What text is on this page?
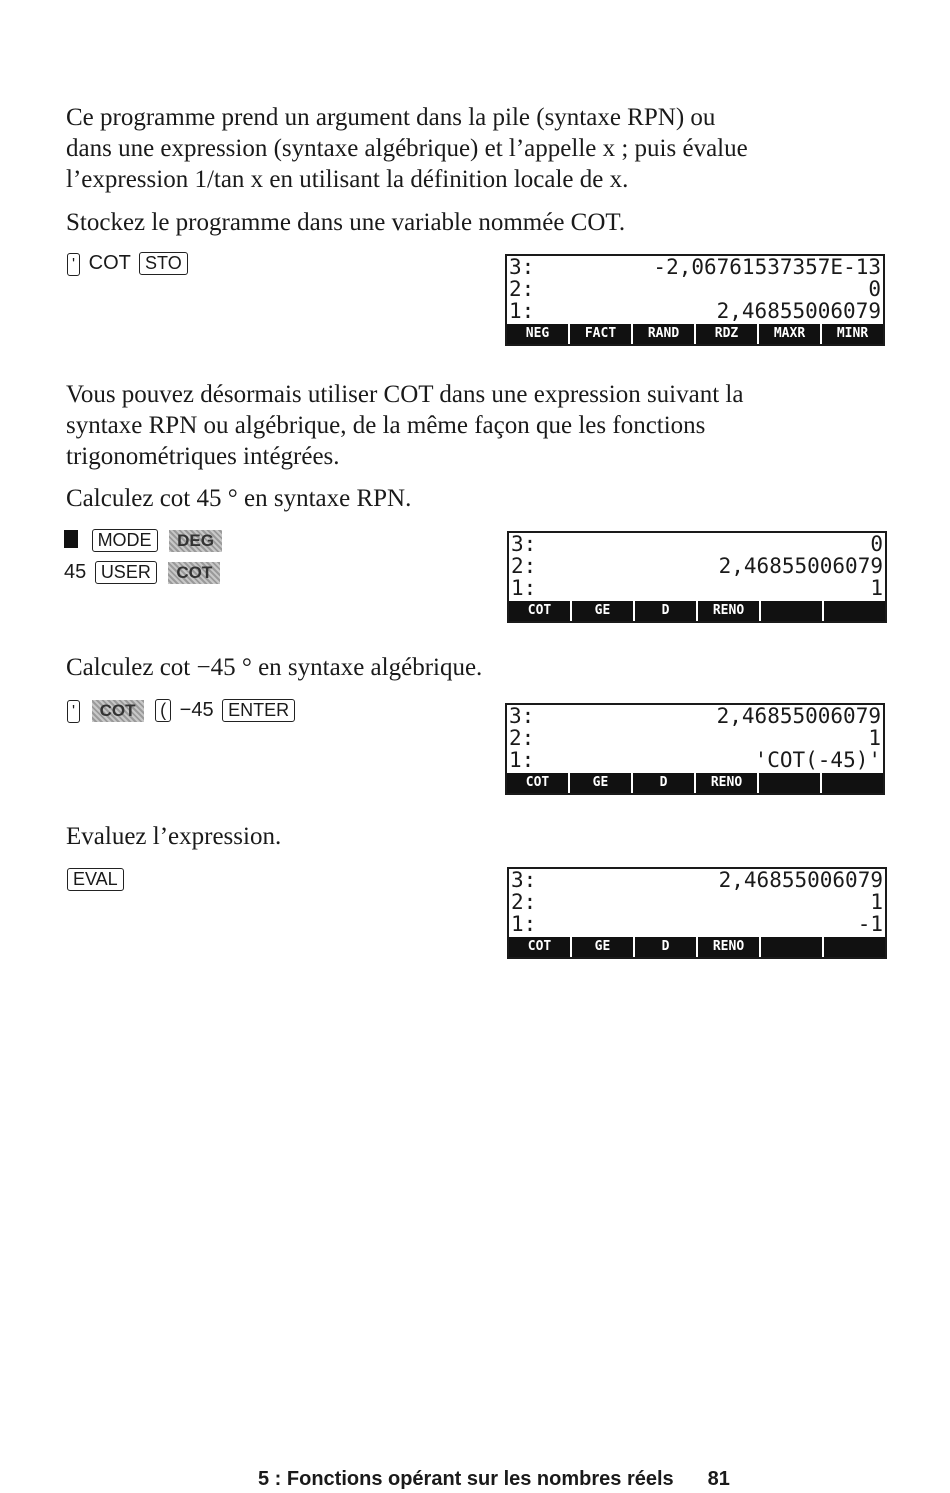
Ce programme prend un argument dans la pile (syntaxe RPN) ou
dans une expression (syntaxe algébrique) et l’appelle x ; puis évalue
l’expression 1/tan x en utilisant la définition locale de x.

Stockez le programme dans une variable nommée COT.

' COT STO	3:	-2,06761537357E-13
2:	0
1:	2,46855006079
NEG	FACT	RAND	RDZ	MAXR	MINR

Vous pouvez désormais utiliser COT dans une expression suivant la
syntaxe RPN ou algébrique, de la même façon que les fonctions
trigonométriques intégrées.

Calculez cot 45 ° en syntaxe RPN.

MODE DEG
45 USER COT
3:	0
2:	2,46855006079
1:	1
COT	GE	D	RENO

Calculez cot −45 ° en syntaxe algébrique.

' COT ( −45 ENTER	3:	2,46855006079
2:	1
1:	'COT(-45)'
COT	GE	D	RENO

Evaluez l’expression.

EVAL	3:	2,46855006079
2:	1
1:	-1
COT	GE	D	RENO
5 : Fonctions opérant sur les nombres réels 81
